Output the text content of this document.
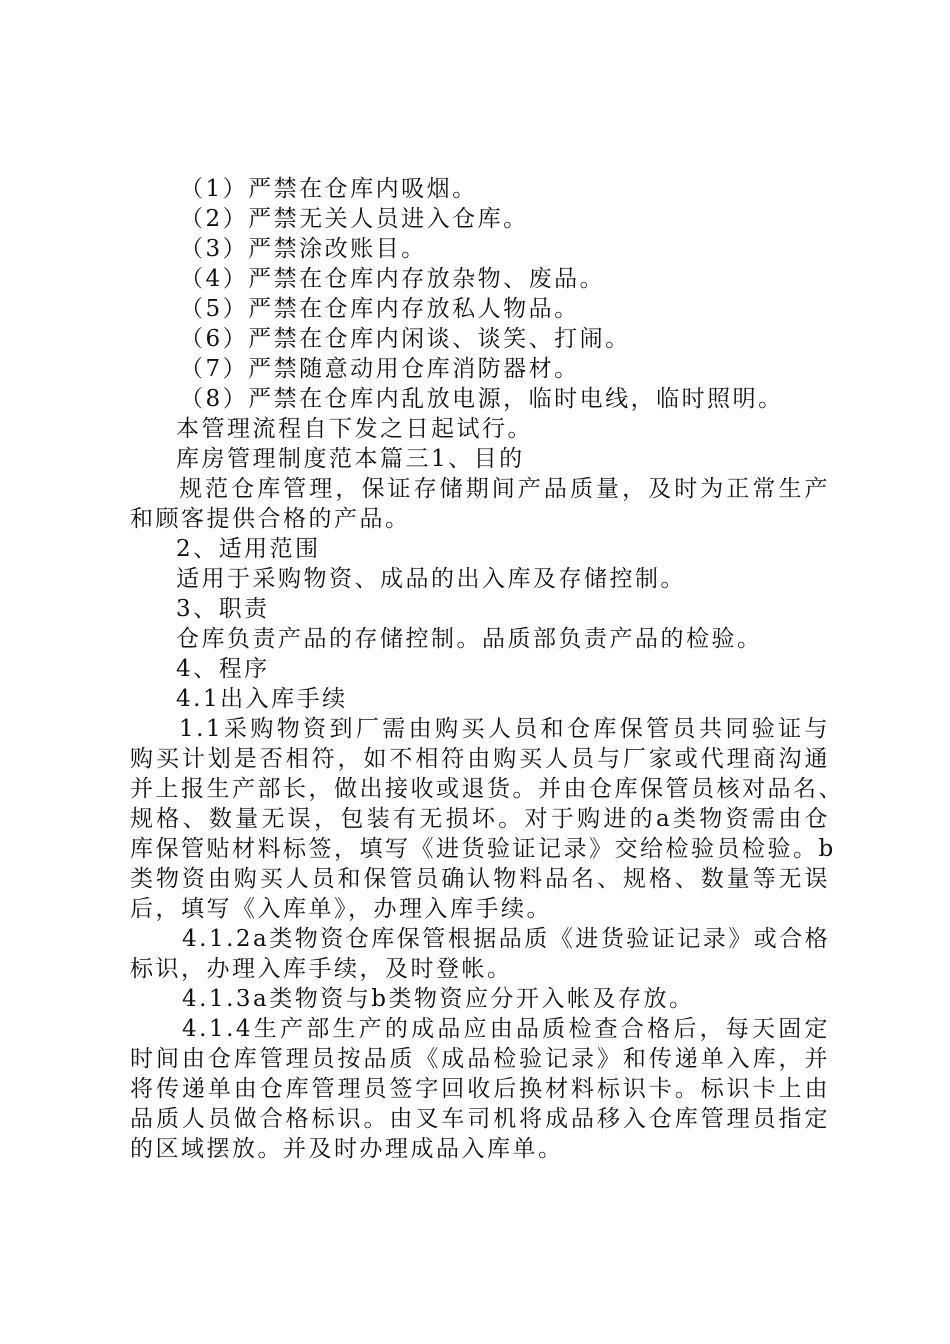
（1）严禁在仓库内吸烟。
（2）严禁无关人员进入仓库。
（3）严禁涂改账目。
（4）严禁在仓库内存放杂物、废品。
（5）严禁在仓库内存放私人物品。
（6）严禁在仓库内闲谈、谈笑、打闹。
（7）严禁随意动用仓库消防器材。
（8）严禁在仓库内乱放电源，临时电线，临时照明。
本管理流程自下发之日起试行。
库房管理制度范本篇三1、目的
规范仓库管理，保证存储期间产品质量，及时为正常生产
和顾客提供合格的产品。
2、适用范围
适用于采购物资、成品的出入库及存储控制。
3、职责
仓库负责产品的存储控制。品质部负责产品的检验。
4、程序
4.1出入库手续
1.1采购物资到厂需由购买人员和仓库保管员共同验证与
购买计划是否相符，如不相符由购买人员与厂家或代理商沟通
并上报生产部长，做出接收或退货。并由仓库保管员核对品名、
规格、数量无误，包装有无损坏。对于购进的a类物资需由仓
库保管贴材料标签，填写《进货验证记录》交给检验员检验。b
类物资由购买人员和保管员确认物料品名、规格、数量等无误
后，填写《入库单》，办理入库手续。
4.1.2a类物资仓库保管根据品质《进货验证记录》或合格
标识，办理入库手续，及时登帐。
4.1.3a类物资与b类物资应分开入帐及存放。
4.1.4生产部生产的成品应由品质检查合格后，每天固定
时间由仓库管理员按品质《成品检验记录》和传递单入库，并
将传递单由仓库管理员签字回收后换材料标识卡。标识卡上由
品质人员做合格标识。由叉车司机将成品移入仓库管理员指定
的区域摆放。并及时办理成品入库单。
